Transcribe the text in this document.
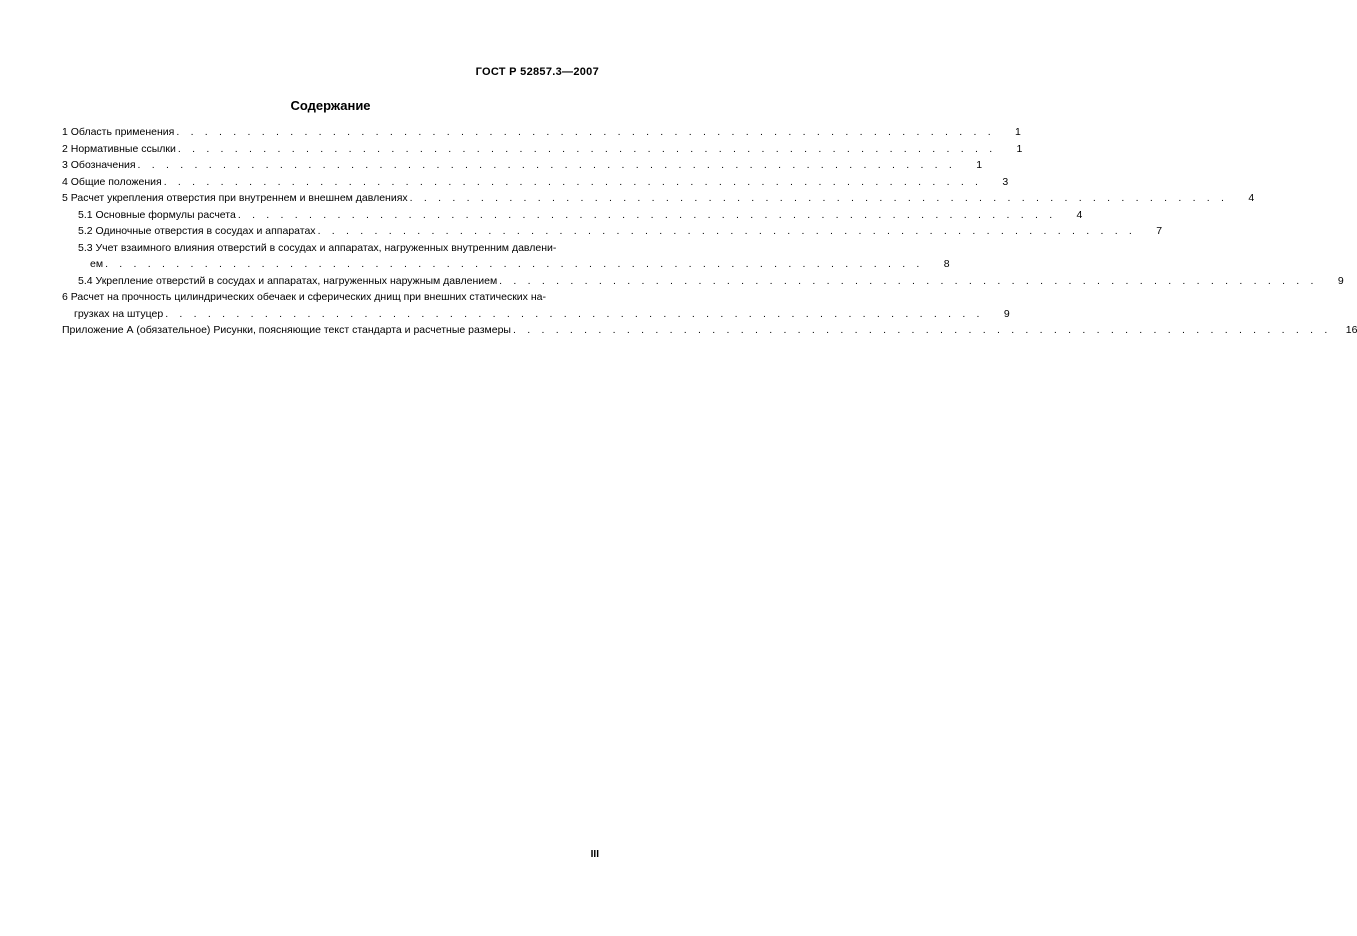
ГОСТ Р 52857.3—2007
Содержание
1 Область применения . . . . . . . . . . . . . . . . . . . . . . . . . . . . . . . . . . . . . . . . . . . . . . . . . . . . . . . . . .	1
2 Нормативные ссылки . . . . . . . . . . . . . . . . . . . . . . . . . . . . . . . . . . . . . . . . . . . . . . . . . . . . . . . . . .	1
3 Обозначения . . . . . . . . . . . . . . . . . . . . . . . . . . . . . . . . . . . . . . . . . . . . . . . . . . . . . . . . . .	1
4 Общие положения . . . . . . . . . . . . . . . . . . . . . . . . . . . . . . . . . . . . . . . . . . . . . . . . . . . . . . . . . .	3
5 Расчет укрепления отверстия при внутреннем и внешнем давлениях . . . . . . . . . . . . . . . . . . . . . . . . . . . . . . . . . . . . . . . . . . . . . . . . . . . . . . . . . .	4
5.1 Основные формулы расчета . . . . . . . . . . . . . . . . . . . . . . . . . . . . . . . . . . . . . . . . . . . . . . . . . . . . . . . . . .	4
5.2 Одиночные отверстия в сосудах и аппаратах . . . . . . . . . . . . . . . . . . . . . . . . . . . . . . . . . . . . . . . . . . . . . . . . . . . . . . . . . .	7
5.3 Учет взаимного влияния отверстий в сосудах и аппаратах, нагруженных внутренним давлени-
ем . . . . . . . . . . . . . . . . . . . . . . . . . . . . . . . . . . . . . . . . . . . . . . . . . . . . . . . . . .	8
5.4 Укрепление отверстий в сосудах и аппаратах, нагруженных наружным давлением . . . . . . . . . . . . . . . . . . . . . . . . . . . . . . . . . . . . . . . . . . . . . . . . . . . . . . . . . .	9
6 Расчет на прочность цилиндрических обечаек и сферических днищ при внешних статических на-
грузках на штуцер . . . . . . . . . . . . . . . . . . . . . . . . . . . . . . . . . . . . . . . . . . . . . . . . . . . . . . . . . .	9
Приложение А (обязательное) Рисунки, поясняющие текст стандарта и расчетные размеры . . . . . . . . . . . . . . . . . . . . . . . . . . . . . . . . . . . . . . . . . . . . . . . . . . . . . . . . . .	16
III
